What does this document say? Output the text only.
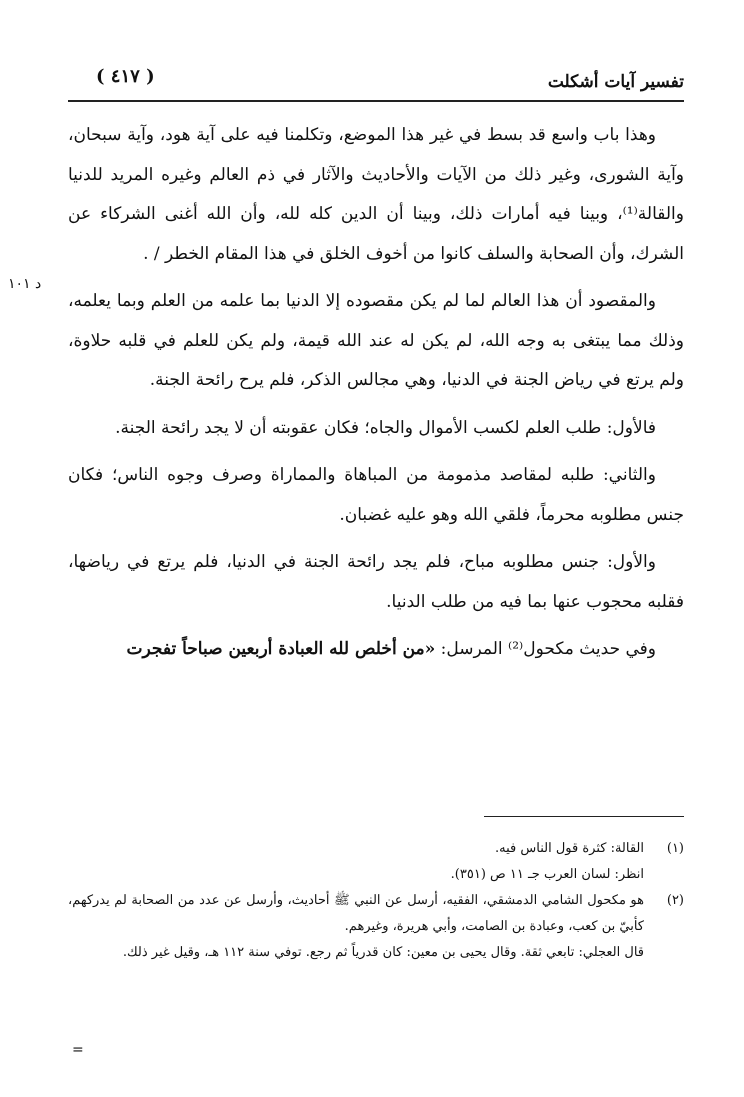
تفسير آيات أشكلت
( ٤١٧ )
د ١٠١

وهذا باب واسع قد بسط في غير هذا الموضع، وتكلمنا فيه على آية هود، وآية سبحان، وآية الشورى، وغير ذلك من الآيات والأحاديث والآثار في ذم العالم وغيره المريد للدنيا والقالة⁽¹⁾، وبينا فيه أمارات ذلك، وبينا أن الدين كله لله، وأن الله أغنى الشركاء عن الشرك، وأن الصحابة والسلف كانوا من أخوف الخلق في هذا المقام الخطر / .

والمقصود أن هذا العالم لما لم يكن مقصوده إلا الدنيا بما علمه من العلم وبما يعلمه، وذلك مما يبتغى به وجه الله، لم يكن له عند الله قيمة، ولم يكن للعلم في قلبه حلاوة، ولم يرتع في رياض الجنة في الدنيا، وهي مجالس الذكر، فلم يرح رائحة الجنة.

فالأول: طلب العلم لكسب الأموال والجاه؛ فكان عقوبته أن لا يجد رائحة الجنة.

والثاني: طلبه لمقاصد مذمومة من المباهاة والمماراة وصرف وجوه الناس؛ فكان جنس مطلوبه محرماً، فلقي الله وهو عليه غضبان.

والأول: جنس مطلوبه مباح، فلم يجد رائحة الجنة في الدنيا، فلم يرتع في رياضها، فقلبه محجوب عنها بما فيه من طلب الدنيا.

وفي حديث مكحول⁽²⁾ المرسل: «من أخلص لله العبادة أربعين صباحاً تفجرت

(١)
القالة: كثرة قول الناس فيه.
انظر: لسان العرب جـ ١١ ص (٣٥١).
(٢)
هو مكحول الشامي الدمشقي، الفقيه، أرسل عن النبي ﷺ أحاديث، وأرسل عن عدد من الصحابة لم يدركهم، كأبيّ بن كعب، وعبادة بن الصامت، وأبي هريرة، وغيرهم.
قال العجلي: تابعي ثقة. وقال يحيى بن معين: كان قدرياً ثم رجع. توفي سنة ١١٢ هـ، وقيل غير ذلك.
=
